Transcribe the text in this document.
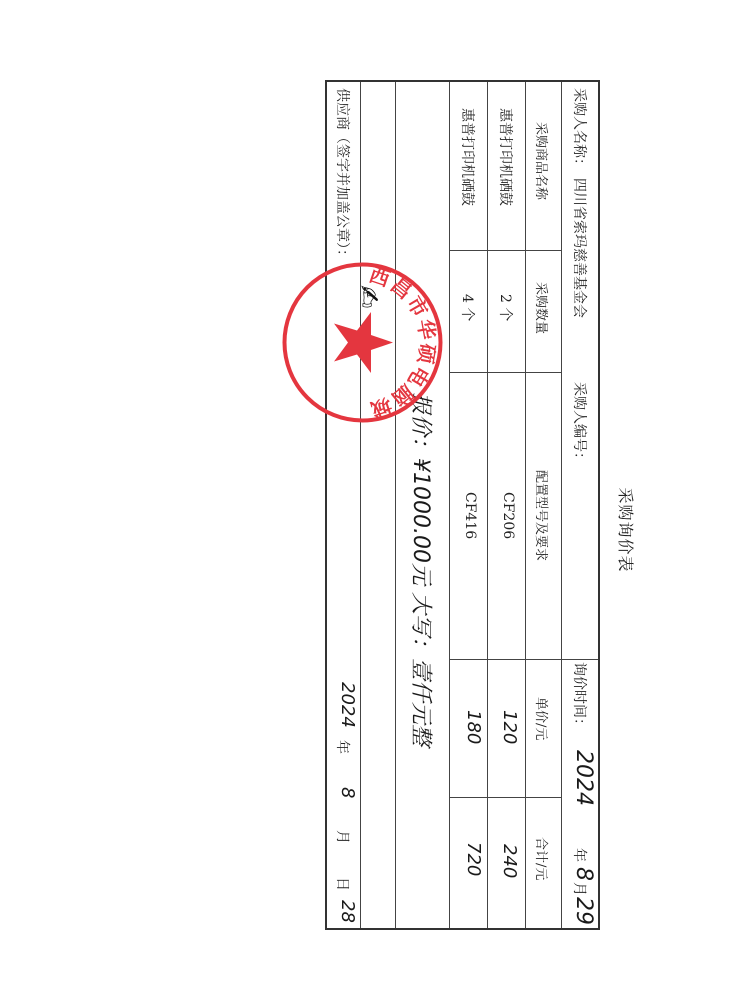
采购询价表
采购人名称：
四川省索玛慈善基金会
采购人编号：
询价时间：
2024
年
8
月
29
采购商品名称
采购数量
配置型号及要求
单价/元
合计/元
惠普打印机硒鼓
2 个
CF206
120
240
惠普打印机硒鼓
4 个
CF416
180
720
报价：¥1000.00元 大写：壹仟元整
供应商（签字并加盖公章）：
2024
年
8
月
日
28
西昌市华硕电脑城
✍
